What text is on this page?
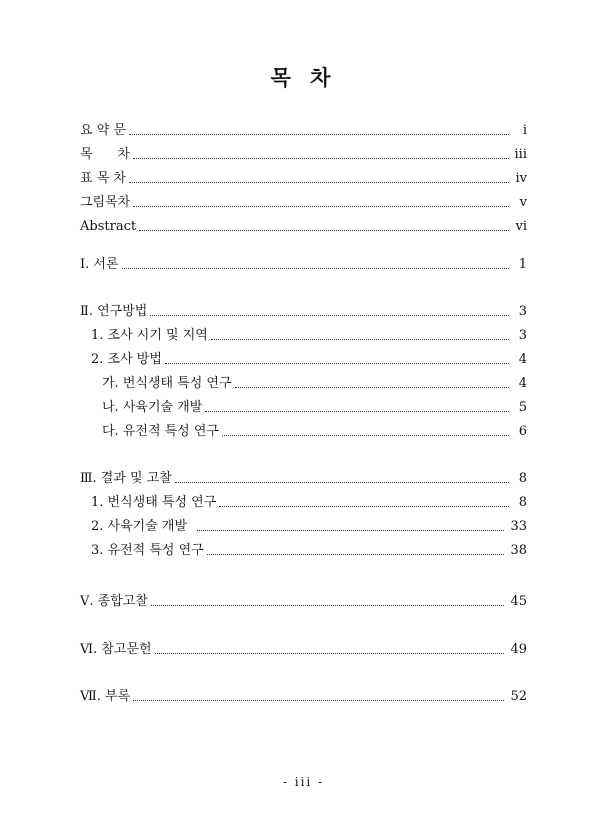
목 차
요 약 문	i
목      차	iii
표 목 차	iv
그림목차	v
Abstract	vi
Ⅰ. 서론	1
Ⅱ. 연구방법	3
1. 조사 시기 및 지역	3
2. 조사 방법	4
가. 번식생태 특성 연구	4
나. 사육기술 개발	5
다. 유전적 특성 연구	6
Ⅲ. 결과 및 고찰	8
1. 번식생태 특성 연구	8
2. 사육기술 개발	33
3. 유전적 특성 연구	38
Ⅴ. 종합고찰	45
Ⅵ. 참고문헌	49
Ⅶ. 부록	52
- iii -
